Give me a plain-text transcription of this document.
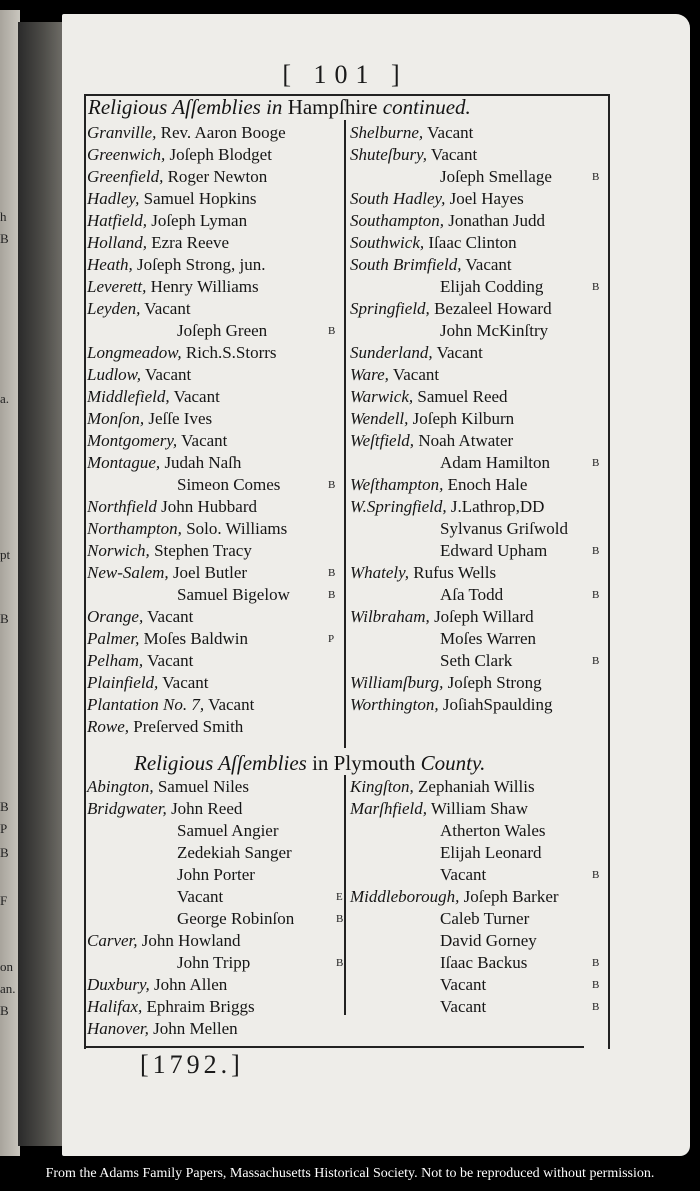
h
B
a.
pt
B
B
P
B
F
on
an.
B
[ 101 ]
Religious Aſſemblies in Hampſhire continued.
Religious Aſſemblies in Plymouth County.
Granville, Rev. Aaron Booge
Greenwich, Joſeph Blodget
Greenfield, Roger Newton
Hadley, Samuel Hopkins
Hatfield, Joſeph Lyman
Holland, Ezra Reeve
Heath, Joſeph Strong, jun.
Leverett, Henry Williams
Leyden, Vacant
Joſeph Green	B
Longmeadow, Rich.S.Storrs
Ludlow, Vacant
Middlefield, Vacant
Monſon, Jeſſe Ives
Montgomery, Vacant
Montague, Judah Naſh
Simeon Comes	B
Northfield John Hubbard
Northampton, Solo. Williams
Norwich, Stephen Tracy
New-Salem, Joel Butler	B
Samuel Bigelow	B
Orange, Vacant
Palmer, Moſes Baldwin	P
Pelham, Vacant
Plainfield, Vacant
Plantation No. 7, Vacant
Rowe, Preſerved Smith
Shelburne, Vacant
Shuteſbury, Vacant
Joſeph Smellage	B
South Hadley, Joel Hayes
Southampton, Jonathan Judd
Southwick, Iſaac Clinton
South Brimfield, Vacant
Elijah Codding	B
Springfield, Bezaleel Howard
John McKinſtry
Sunderland, Vacant
Ware, Vacant
Warwick, Samuel Reed
Wendell, Joſeph Kilburn
Weſtfield, Noah Atwater
Adam Hamilton	B
Weſthampton, Enoch Hale
W.Springfield, J.Lathrop,DD
Sylvanus Griſwold
Edward Upham	B
Whately, Rufus Wells
Aſa Todd	B
Wilbraham, Joſeph Willard
Moſes Warren
Seth Clark	B
Williamſburg, Joſeph Strong
Worthington, JoſiahSpaulding
Abington, Samuel Niles
Bridgwater, John Reed
Samuel Angier
Zedekiah Sanger
John Porter
Vacant	E
George Robinſon	B
Carver, John Howland
John Tripp	B
Duxbury, John Allen
Halifax, Ephraim Briggs
Hanover, John Mellen
Kingſton, Zephaniah Willis
Marſhfield, William Shaw
Atherton Wales
Elijah Leonard
Vacant	B
Middleborough, Joſeph Barker
Caleb Turner
David Gorney
Iſaac Backus	B
Vacant	B
Vacant	B
[1792.]
From the Adams Family Papers, Massachusetts Historical Society. Not to be reproduced without permission.
